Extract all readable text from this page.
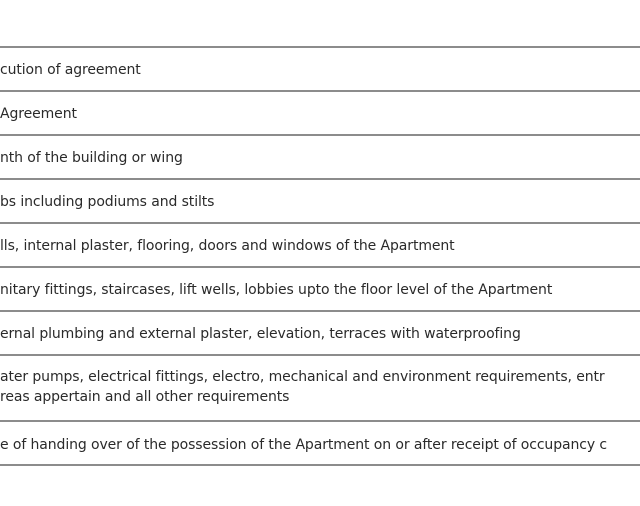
cution of agreement
Agreement
nth of the building or wing
bs including podiums and stilts
lls, internal plaster, flooring, doors and windows of the Apartment
nitary fittings, staircases, lift wells, lobbies upto the floor level of the Apartment
ernal plumbing and external plaster, elevation, terraces with waterproofing
ater pumps, electrical fittings, electro, mechanical and environment requirements, entr
reas appertain and all other requirements
e of handing over of the possession of the Apartment on or after receipt of occupancy c
